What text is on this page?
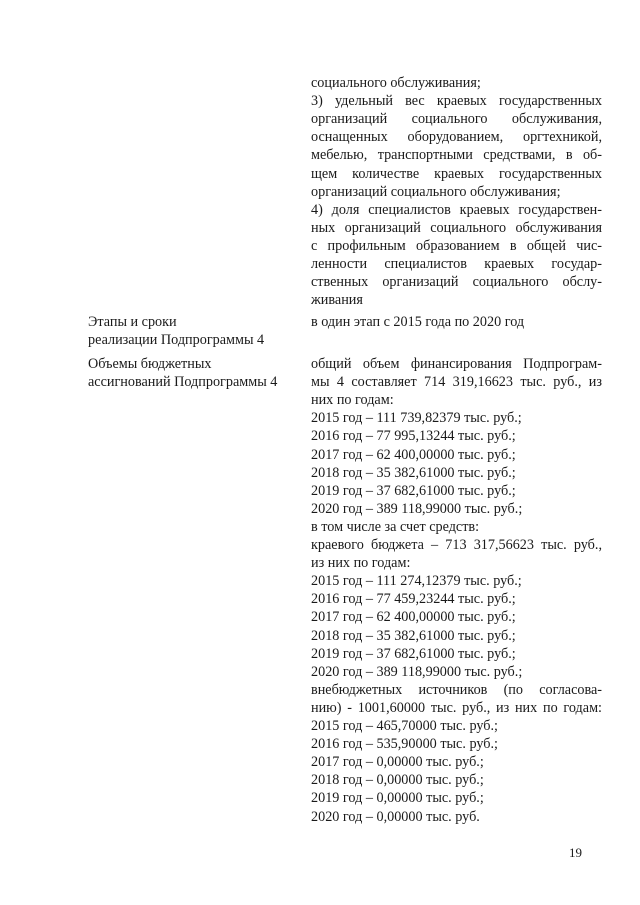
социального обслуживания;
3) удельный вес краевых государственных
организаций социального обслуживания,
оснащенных оборудованием, оргтехникой,
мебелью, транспортными средствами, в об-
щем количестве краевых государственных
организаций социального обслуживания;
4) доля специалистов краевых государствен-
ных организаций социального обслуживания
с профильным образованием в общей чис-
ленности специалистов краевых государ-
ственных организаций социального обслу-
живания
Этапы и сроки
реализации Подпрограммы 4
в один этап с 2015 года по 2020 год
Объемы бюджетных
ассигнований Подпрограммы 4
общий объем финансирования Подпрограм-
мы 4 составляет 714 319,16623 тыс. руб., из
них по годам:
2015 год – 111 739,82379 тыс. руб.;
2016 год – 77 995,13244 тыс. руб.;
2017 год – 62 400,00000 тыс. руб.;
2018 год – 35 382,61000 тыс. руб.;
2019 год – 37 682,61000 тыс. руб.;
2020 год – 389 118,99000 тыс. руб.;
в том числе за счет средств:
краевого бюджета – 713 317,56623 тыс. руб.,
из них по годам:
2015 год – 111 274,12379 тыс. руб.;
2016 год – 77 459,23244 тыс. руб.;
2017 год – 62 400,00000 тыс. руб.;
2018 год – 35 382,61000 тыс. руб.;
2019 год – 37 682,61000 тыс. руб.;
2020 год – 389 118,99000 тыс. руб.;
внебюджетных источников (по согласова-
нию) - 1001,60000 тыс. руб., из них по годам:
2015 год – 465,70000 тыс. руб.;
2016 год – 535,90000 тыс. руб.;
2017 год – 0,00000 тыс. руб.;
2018 год – 0,00000 тыс. руб.;
2019 год – 0,00000 тыс. руб.;
2020 год – 0,00000 тыс. руб.
19
